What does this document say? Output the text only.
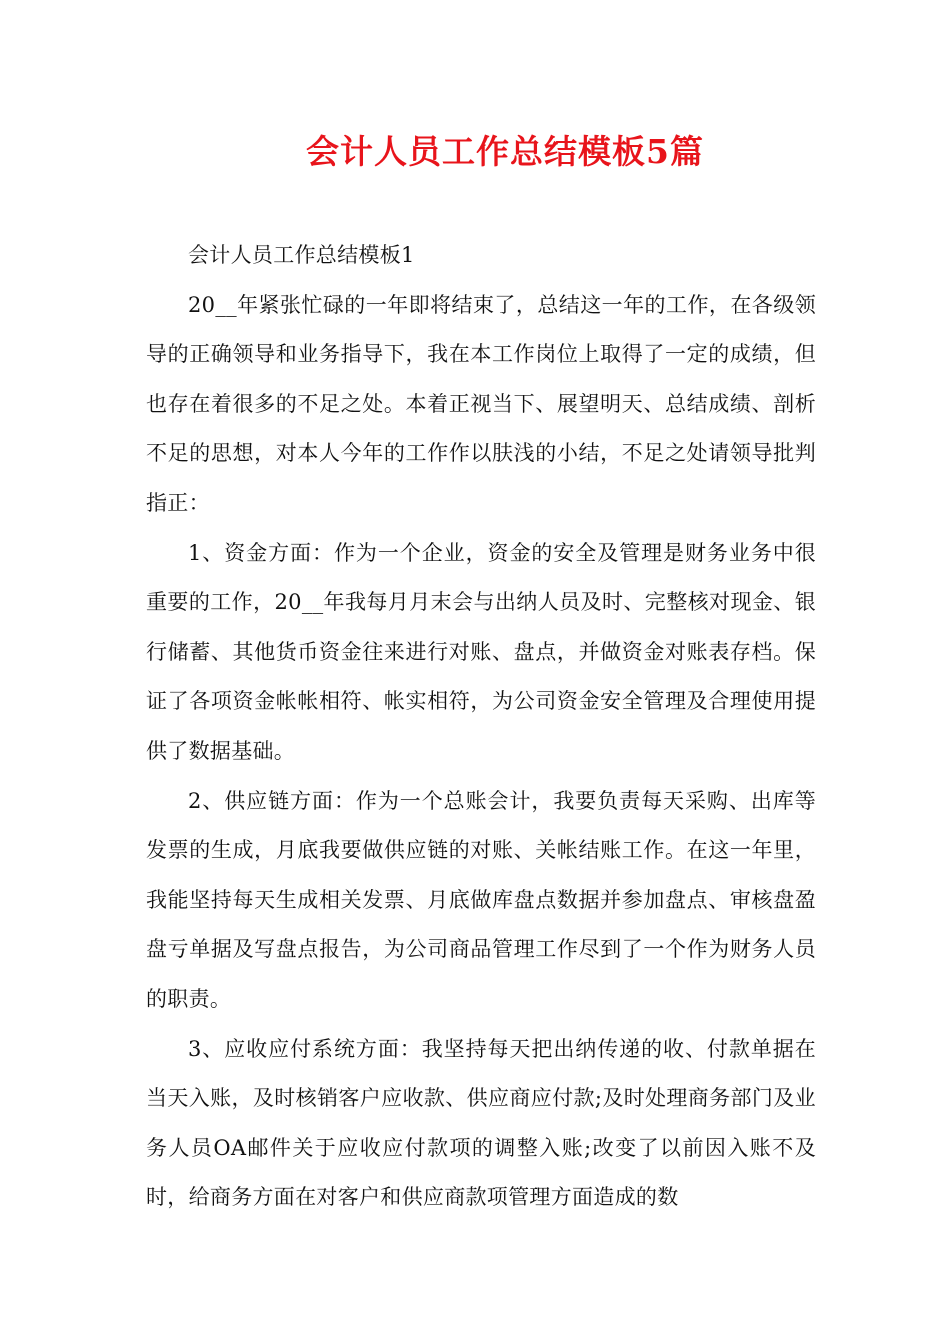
会计人员工作总结模板5篇

会计人员工作总结模板1

20__年紧张忙碌的一年即将结束了，总结这一年的工作，在各级领导的正确领导和业务指导下，我在本工作岗位上取得了一定的成绩，但也存在着很多的不足之处。本着正视当下、展望明天、总结成绩、剖析不足的思想，对本人今年的工作作以肤浅的小结，不足之处请领导批判指正：

1、资金方面：作为一个企业，资金的安全及管理是财务业务中很重要的工作，20__年我每月月末会与出纳人员及时、完整核对现金、银行储蓄、其他货币资金往来进行对账、盘点，并做资金对账表存档。保证了各项资金帐帐相符、帐实相符，为公司资金安全管理及合理使用提供了数据基础。

2、供应链方面：作为一个总账会计，我要负责每天采购、出库等发票的生成，月底我要做供应链的对账、关帐结账工作。在这一年里，我能坚持每天生成相关发票、月底做库盘点数据并参加盘点、审核盘盈盘亏单据及写盘点报告，为公司商品管理工作尽到了一个作为财务人员的职责。

3、应收应付系统方面：我坚持每天把出纳传递的收、付款单据在当天入账，及时核销客户应收款、供应商应付款;及时处理商务部门及业务人员OA邮件关于应收应付款项的调整入账;改变了以前因入账不及时，给商务方面在对客户和供应商款项管理方面造成的数
